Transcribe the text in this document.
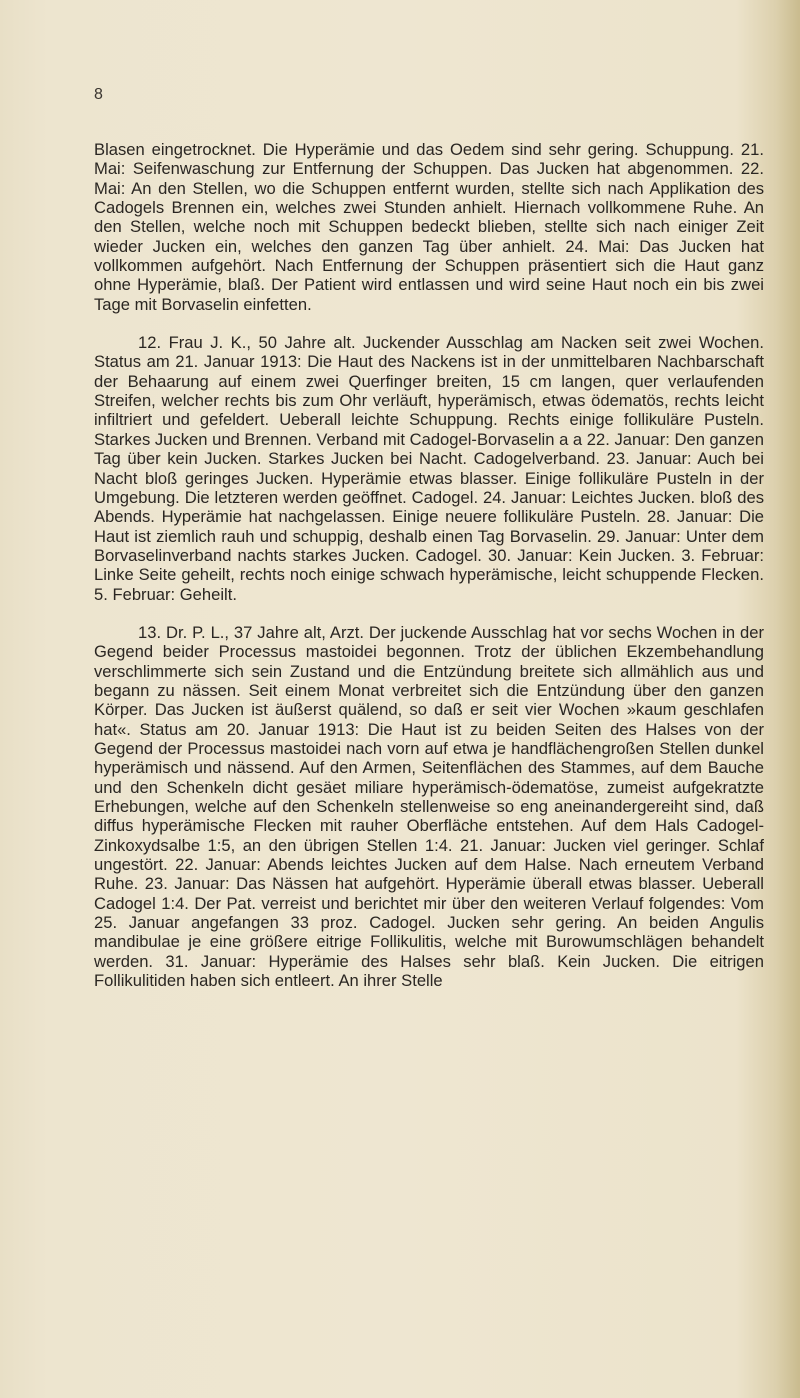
8

Blasen eingetrocknet. Die Hyperämie und das Oedem sind sehr gering. Schuppung. 21. Mai: Seifenwaschung zur Entfernung der Schuppen. Das Jucken hat abgenommen. 22. Mai: An den Stellen, wo die Schuppen entfernt wurden, stellte sich nach Applikation des Cadogels Brennen ein, welches zwei Stunden anhielt. Hiernach vollkommene Ruhe. An den Stellen, welche noch mit Schuppen bedeckt blieben, stellte sich nach einiger Zeit wieder Jucken ein, welches den ganzen Tag über anhielt. 24. Mai: Das Jucken hat vollkommen aufgehört. Nach Entfernung der Schuppen präsentiert sich die Haut ganz ohne Hyperämie, blaß. Der Patient wird entlassen und wird seine Haut noch ein bis zwei Tage mit Borvaselin einfetten.

12. Frau J. K., 50 Jahre alt. Juckender Ausschlag am Nacken seit zwei Wochen. Status am 21. Januar 1913: Die Haut des Nackens ist in der unmittelbaren Nachbarschaft der Behaarung auf einem zwei Querfinger breiten, 15 cm langen, quer verlaufenden Streifen, welcher rechts bis zum Ohr verläuft, hyperämisch, etwas ödematös, rechts leicht infiltriert und gefeldert. Ueberall leichte Schuppung. Rechts einige follikuläre Pusteln. Starkes Jucken und Brennen. Verband mit Cadogel-Borvaselin a a 22. Januar: Den ganzen Tag über kein Jucken. Starkes Jucken bei Nacht. Cadogelverband. 23. Januar: Auch bei Nacht bloß geringes Jucken. Hyperämie etwas blasser. Einige follikuläre Pusteln in der Umgebung. Die letzteren werden geöffnet. Cadogel. 24. Januar: Leichtes Jucken. bloß des Abends. Hyperämie hat nachgelassen. Einige neuere follikuläre Pusteln. 28. Januar: Die Haut ist ziemlich rauh und schuppig, deshalb einen Tag Borvaselin. 29. Januar: Unter dem Borvaselinverband nachts starkes Jucken. Cadogel. 30. Januar: Kein Jucken. 3. Februar: Linke Seite geheilt, rechts noch einige schwach hyperämische, leicht schuppende Flecken. 5. Februar: Geheilt.

13. Dr. P. L., 37 Jahre alt, Arzt. Der juckende Ausschlag hat vor sechs Wochen in der Gegend beider Processus mastoidei begonnen. Trotz der üblichen Ekzembehandlung verschlimmerte sich sein Zustand und die Entzündung breitete sich allmählich aus und begann zu nässen. Seit einem Monat verbreitet sich die Entzündung über den ganzen Körper. Das Jucken ist äußerst quälend, so daß er seit vier Wochen »kaum geschlafen hat«. Status am 20. Januar 1913: Die Haut ist zu beiden Seiten des Halses von der Gegend der Processus mastoidei nach vorn auf etwa je handflächengroßen Stellen dunkel hyperämisch und nässend. Auf den Armen, Seitenflächen des Stammes, auf dem Bauche und den Schenkeln dicht gesäet miliare hyperämisch-ödematöse, zumeist aufgekratzte Erhebungen, welche auf den Schenkeln stellenweise so eng aneinandergereiht sind, daß diffus hyperämische Flecken mit rauher Oberfläche entstehen. Auf dem Hals Cadogel-Zinkoxydsalbe 1:5, an den übrigen Stellen 1:4. 21. Januar: Jucken viel geringer. Schlaf ungestört. 22. Januar: Abends leichtes Jucken auf dem Halse. Nach erneutem Verband Ruhe. 23. Januar: Das Nässen hat aufgehört. Hyperämie überall etwas blasser. Ueberall Cadogel 1:4. Der Pat. verreist und berichtet mir über den weiteren Verlauf folgendes: Vom 25. Januar angefangen 33 proz. Cadogel. Jucken sehr gering. An beiden Angulis mandibulae je eine größere eitrige Follikulitis, welche mit Burowumschlägen behandelt werden. 31. Januar: Hyperämie des Halses sehr blaß. Kein Jucken. Die eitrigen Follikulitiden haben sich entleert. An ihrer Stelle
